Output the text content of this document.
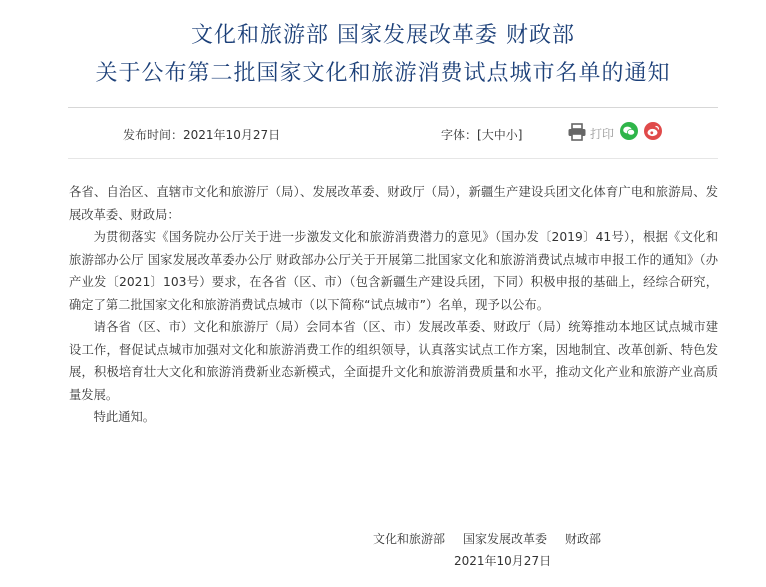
文化和旅游部 国家发展改革委 财政部
关于公布第二批国家文化和旅游消费试点城市名单的通知
发布时间：2021年10月27日	字体：[大中小]	打印

各省、自治区、直辖市文化和旅游厅（局）、发展改革委、财政厅（局），新疆生产建设兵团文化体育广电和旅游局、发展改革委、财政局：

为贯彻落实《国务院办公厅关于进一步激发文化和旅游消费潜力的意见》（国办发〔2019〕41号），根据《文化和旅游部办公厅 国家发展改革委办公厅 财政部办公厅关于开展第二批国家文化和旅游消费试点城市申报工作的通知》（办产业发〔2021〕103号）要求，在各省（区、市）（包含新疆生产建设兵团，下同）积极申报的基础上，经综合研究，确定了第二批国家文化和旅游消费试点城市（以下简称“试点城市”）名单，现予以公布。

请各省（区、市）文化和旅游厅（局）会同本省（区、市）发展改革委、财政厅（局）统筹推动本地区试点城市建设工作，督促试点城市加强对文化和旅游消费工作的组织领导，认真落实试点工作方案，因地制宜、改革创新、特色发展，积极培育壮大文化和旅游消费新业态新模式，全面提升文化和旅游消费质量和水平，推动文化产业和旅游产业高质量发展。

特此通知。

文化和旅游部 国家发展改革委 财政部
2021年10月27日
